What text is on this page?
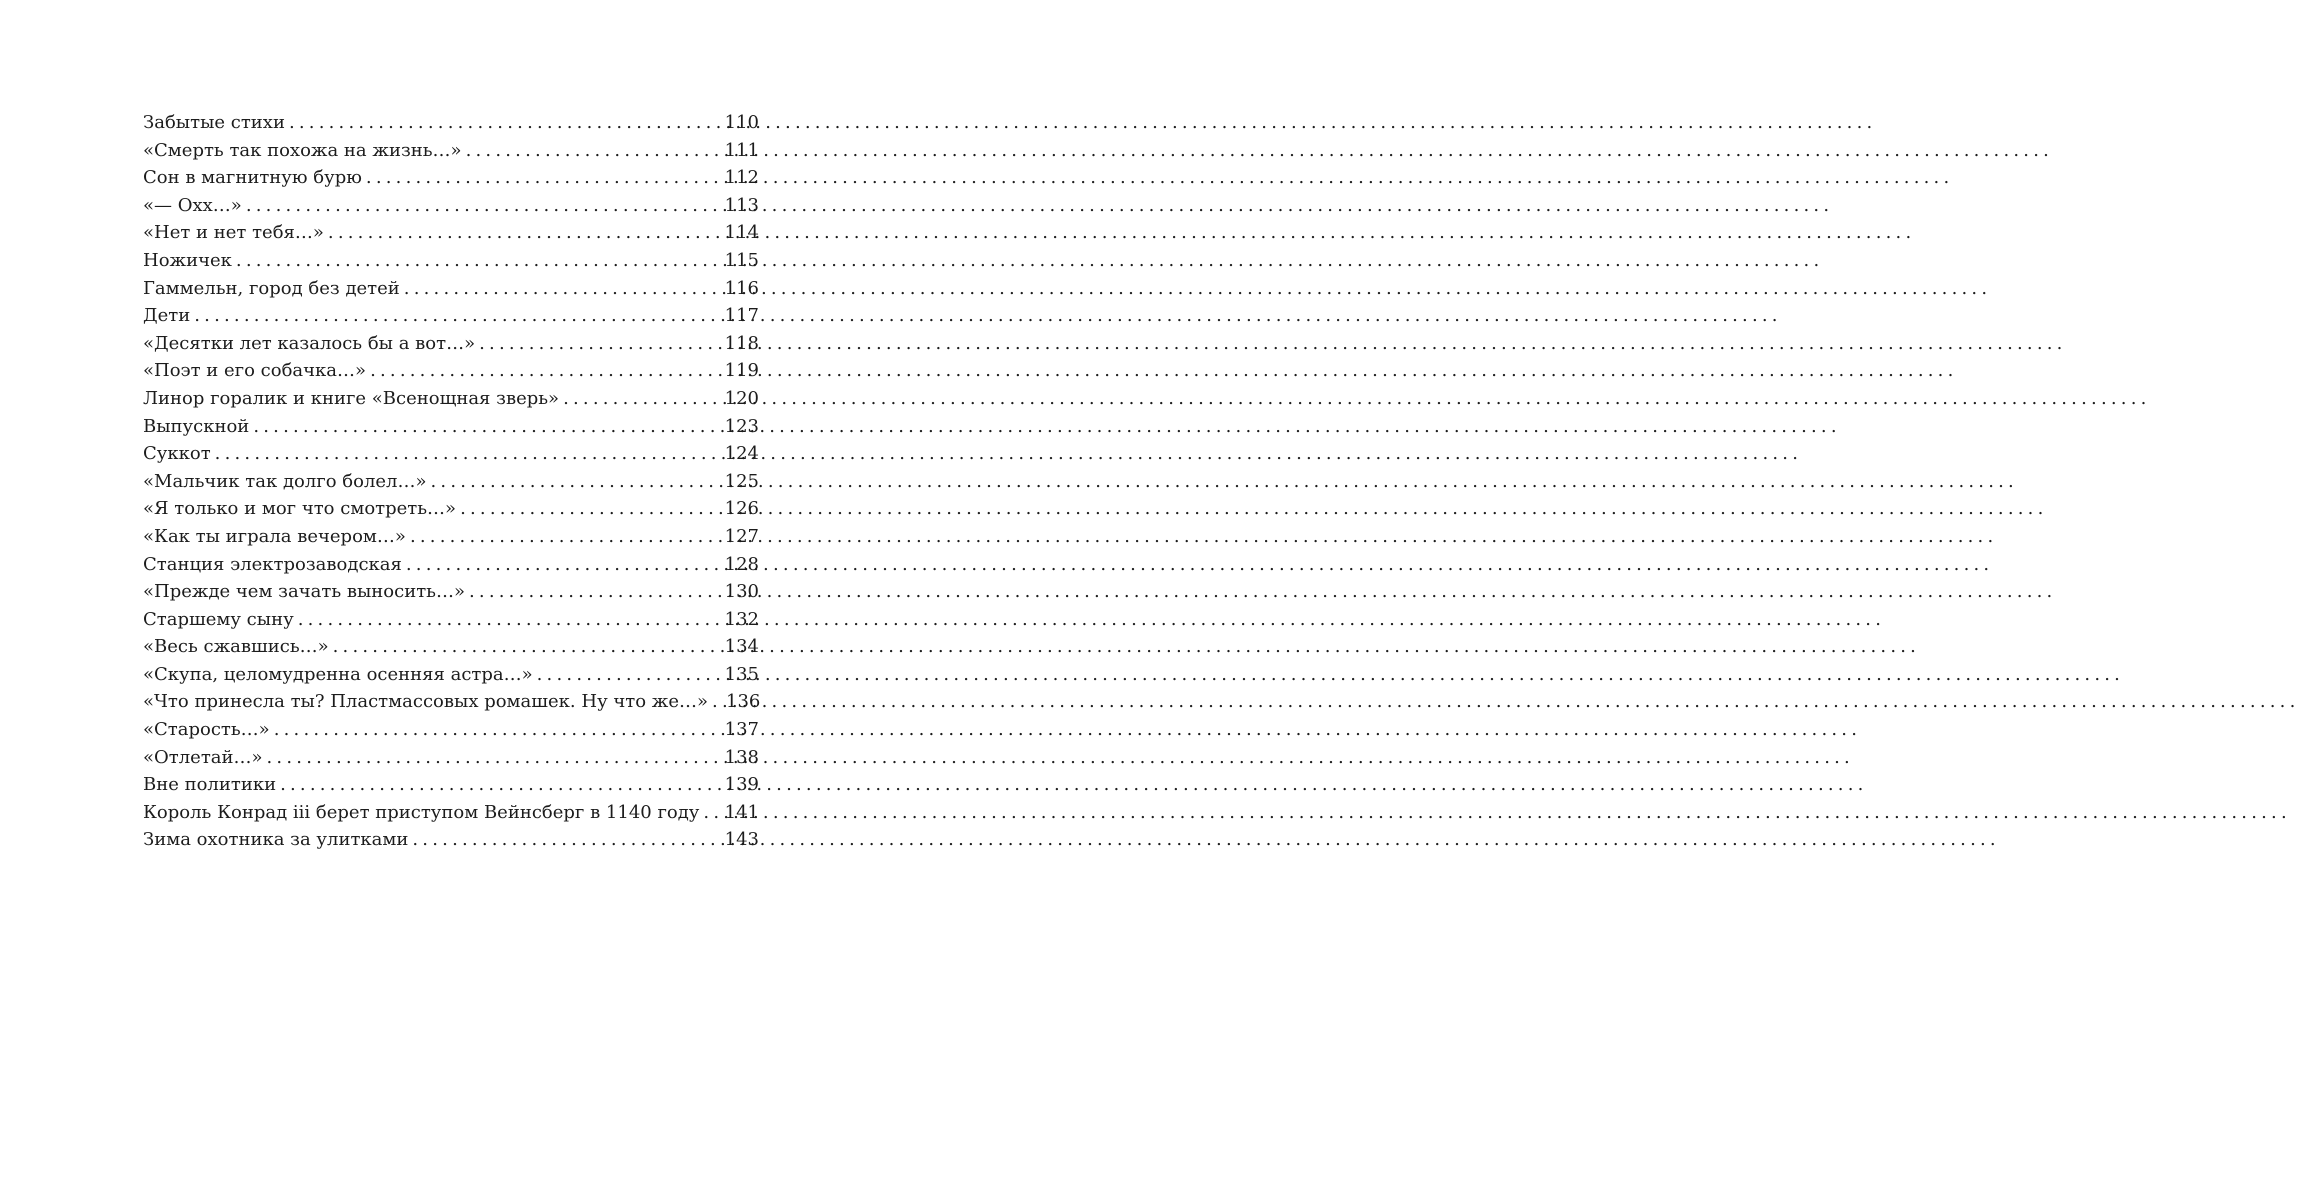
Забытые стихи .....	110
«Смерть так похожа на жизнь…» .....	111
Сон в магнитную бурю .....	112
«— Охх…» .....	113
«Нет и нет тебя…» .....	114
Ножичек .....	115
Гаммельн, город без детей .....	116
Дети .....	117
«Десятки лет казалось бы а вот…» .....	118
«Поэт и его собачка…» .....	119
Линор горалик и книге «Всенощная зверь» .....	120
Выпускной .....	123
Суккот .....	124
«Мальчик так долго болел…» .....	125
«Я только и мог что смотреть…» .....	126
«Как ты играла вечером…» .....	127
Станция электрозаводская .....	128
«Прежде чем зачать выносить…» .....	130
Старшему сыну .....	132
«Весь сжавшись…» .....	134
«Скупа, целомудренна осенняя астра…» .....	135
«Что принесла ты? Пластмассовых ромашек. Ну что же…» ..... 136
«Старость…» .....	137
«Отлетай…» .....	138
Вне политики .....	139
Король Конрад iii берет приступом Вейнсберг в 1140 году ..... 141
Зима охотника за улитками .....	143
